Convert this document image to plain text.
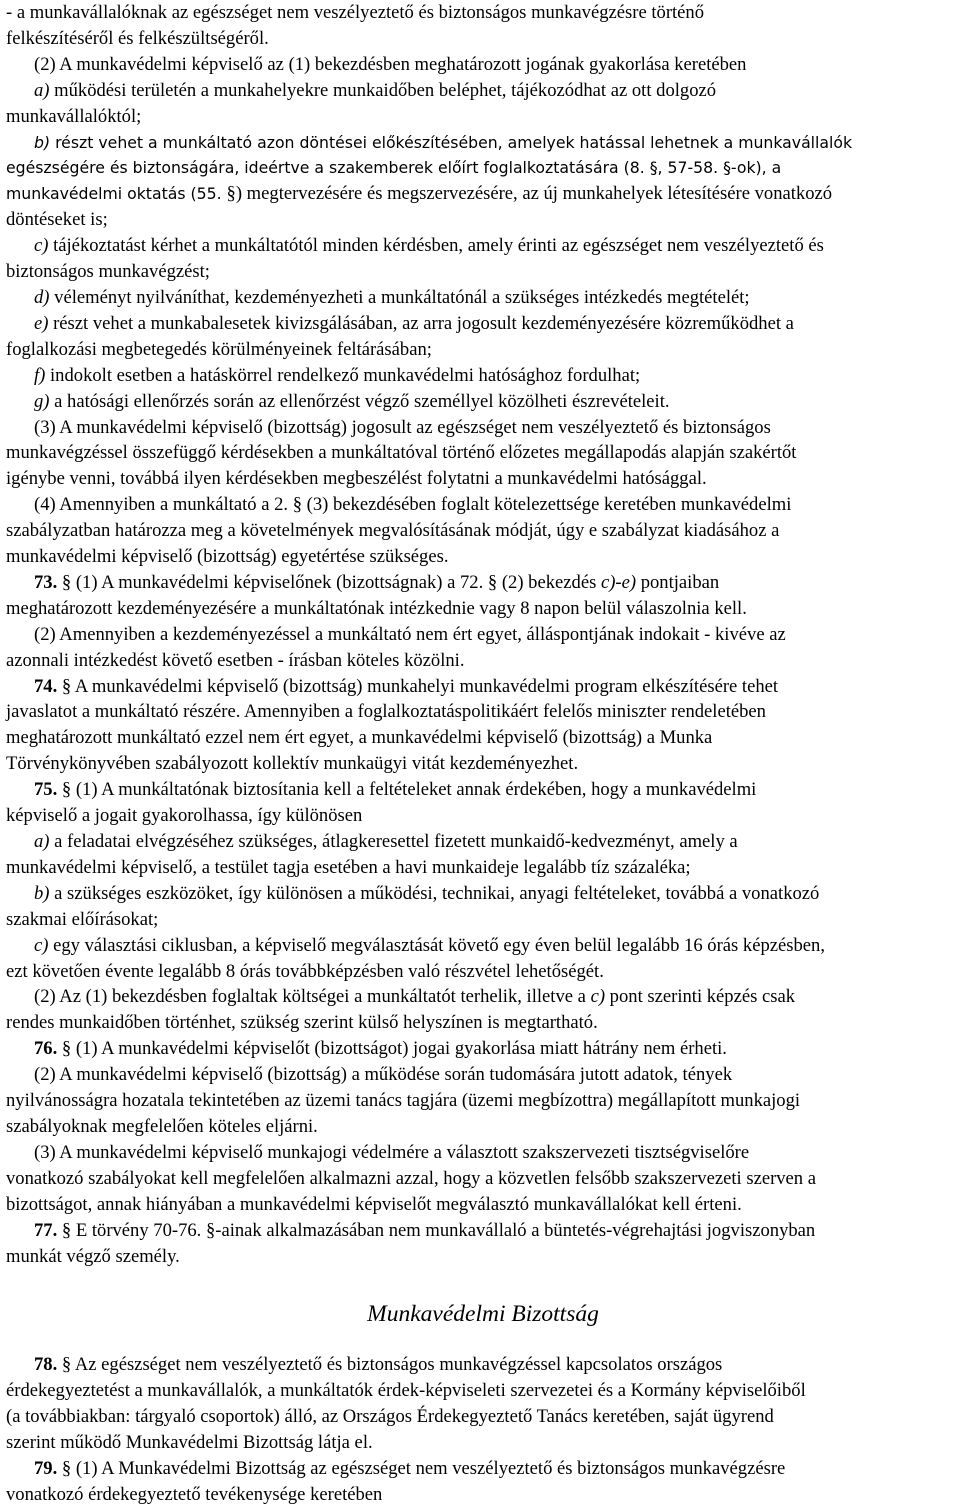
- a munkavállalóknak az egészséget nem veszélyeztető és biztonságos munkavégzésre történő

felkészítéséről és felkészültségéről.

(2) A munkavédelmi képviselő az (1) bekezdésben meghatározott jogának gyakorlása keretében

a) működési területén a munkahelyekre munkaidőben beléphet, tájékozódhat az ott dolgozó

munkavállalóktól;

b) részt vehet a munkáltató azon döntései előkészítésében, amelyek hatással lehetnek a munkavállalók

egészségére és biztonságára, ideértve a szakemberek előírt foglalkoztatására (8. §, 57-58. §-ok), a

munkavédelmi oktatás (55. §) megtervezésére és megszervezésére, az új munkahelyek létesítésére vonatkozó

döntéseket is;

c) tájékoztatást kérhet a munkáltatótól minden kérdésben, amely érinti az egészséget nem veszélyeztető és

biztonságos munkavégzést;

d) véleményt nyilváníthat, kezdeményezheti a munkáltatónál a szükséges intézkedés megtételét;

e) részt vehet a munkabalesetek kivizsgálásában, az arra jogosult kezdeményezésére közreműködhet a

foglalkozási megbetegedés körülményeinek feltárásában;

f) indokolt esetben a hatáskörrel rendelkező munkavédelmi hatósághoz fordulhat;

g) a hatósági ellenőrzés során az ellenőrzést végző személlyel közölheti észrevételeit.

(3) A munkavédelmi képviselő (bizottság) jogosult az egészséget nem veszélyeztető és biztonságos

munkavégzéssel összefüggő kérdésekben a munkáltatóval történő előzetes megállapodás alapján szakértőt

igénybe venni, továbbá ilyen kérdésekben megbeszélést folytatni a munkavédelmi hatósággal.

(4) Amennyiben a munkáltató a 2. § (3) bekezdésében foglalt kötelezettsége keretében munkavédelmi

szabályzatban határozza meg a követelmények megvalósításának módját, úgy e szabályzat kiadásához a

munkavédelmi képviselő (bizottság) egyetértése szükséges.

73. § (1) A munkavédelmi képviselőnek (bizottságnak) a 72. § (2) bekezdés c)-e) pontjaiban

meghatározott kezdeményezésére a munkáltatónak intézkednie vagy 8 napon belül válaszolnia kell.

(2) Amennyiben a kezdeményezéssel a munkáltató nem ért egyet, álláspontjának indokait - kivéve az

azonnali intézkedést követő esetben - írásban köteles közölni.

74. § A munkavédelmi képviselő (bizottság) munkahelyi munkavédelmi program elkészítésére tehet

javaslatot a munkáltató részére. Amennyiben a foglalkoztatáspolitikáért felelős miniszter rendeletében

meghatározott munkáltató ezzel nem ért egyet, a munkavédelmi képviselő (bizottság) a Munka

Törvénykönyvében szabályozott kollektív munkaügyi vitát kezdeményezhet.

75. § (1) A munkáltatónak biztosítania kell a feltételeket annak érdekében, hogy a munkavédelmi

képviselő a jogait gyakorolhassa, így különösen

a) a feladatai elvégzéséhez szükséges, átlagkeresettel fizetett munkaidő-kedvezményt, amely a

munkavédelmi képviselő, a testület tagja esetében a havi munkaideje legalább tíz százaléka;

b) a szükséges eszközöket, így különösen a működési, technikai, anyagi feltételeket, továbbá a vonatkozó

szakmai előírásokat;

c) egy választási ciklusban, a képviselő megválasztását követő egy éven belül legalább 16 órás képzésben,

ezt követően évente legalább 8 órás továbbképzésben való részvétel lehetőségét.

(2) Az (1) bekezdésben foglaltak költségei a munkáltatót terhelik, illetve a c) pont szerinti képzés csak

rendes munkaidőben történhet, szükség szerint külső helyszínen is megtartható.

76. § (1) A munkavédelmi képviselőt (bizottságot) jogai gyakorlása miatt hátrány nem érheti.

(2) A munkavédelmi képviselő (bizottság) a működése során tudomására jutott adatok, tények

nyilvánosságra hozatala tekintetében az üzemi tanács tagjára (üzemi megbízottra) megállapított munkajogi

szabályoknak megfelelően köteles eljárni.

(3) A munkavédelmi képviselő munkajogi védelmére a választott szakszervezeti tisztségviselőre

vonatkozó szabályokat kell megfelelően alkalmazni azzal, hogy a közvetlen felsőbb szakszervezeti szerven a

bizottságot, annak hiányában a munkavédelmi képviselőt megválasztó munkavállalókat kell érteni.

77. § E törvény 70-76. §-ainak alkalmazásában nem munkavállaló a büntetés-végrehajtási jogviszonyban

munkát végző személy.

Munkavédelmi Bizottság

78. § Az egészséget nem veszélyeztető és biztonságos munkavégzéssel kapcsolatos országos

érdekegyeztetést a munkavállalók, a munkáltatók érdek-képviseleti szervezetei és a Kormány képviselőiből

(a továbbiakban: tárgyaló csoportok) álló, az Országos Érdekegyeztető Tanács keretében, saját ügyrend

szerint működő Munkavédelmi Bizottság látja el.

79. § (1) A Munkavédelmi Bizottság az egészséget nem veszélyeztető és biztonságos munkavégzésre

vonatkozó érdekegyeztető tevékenysége keretében
